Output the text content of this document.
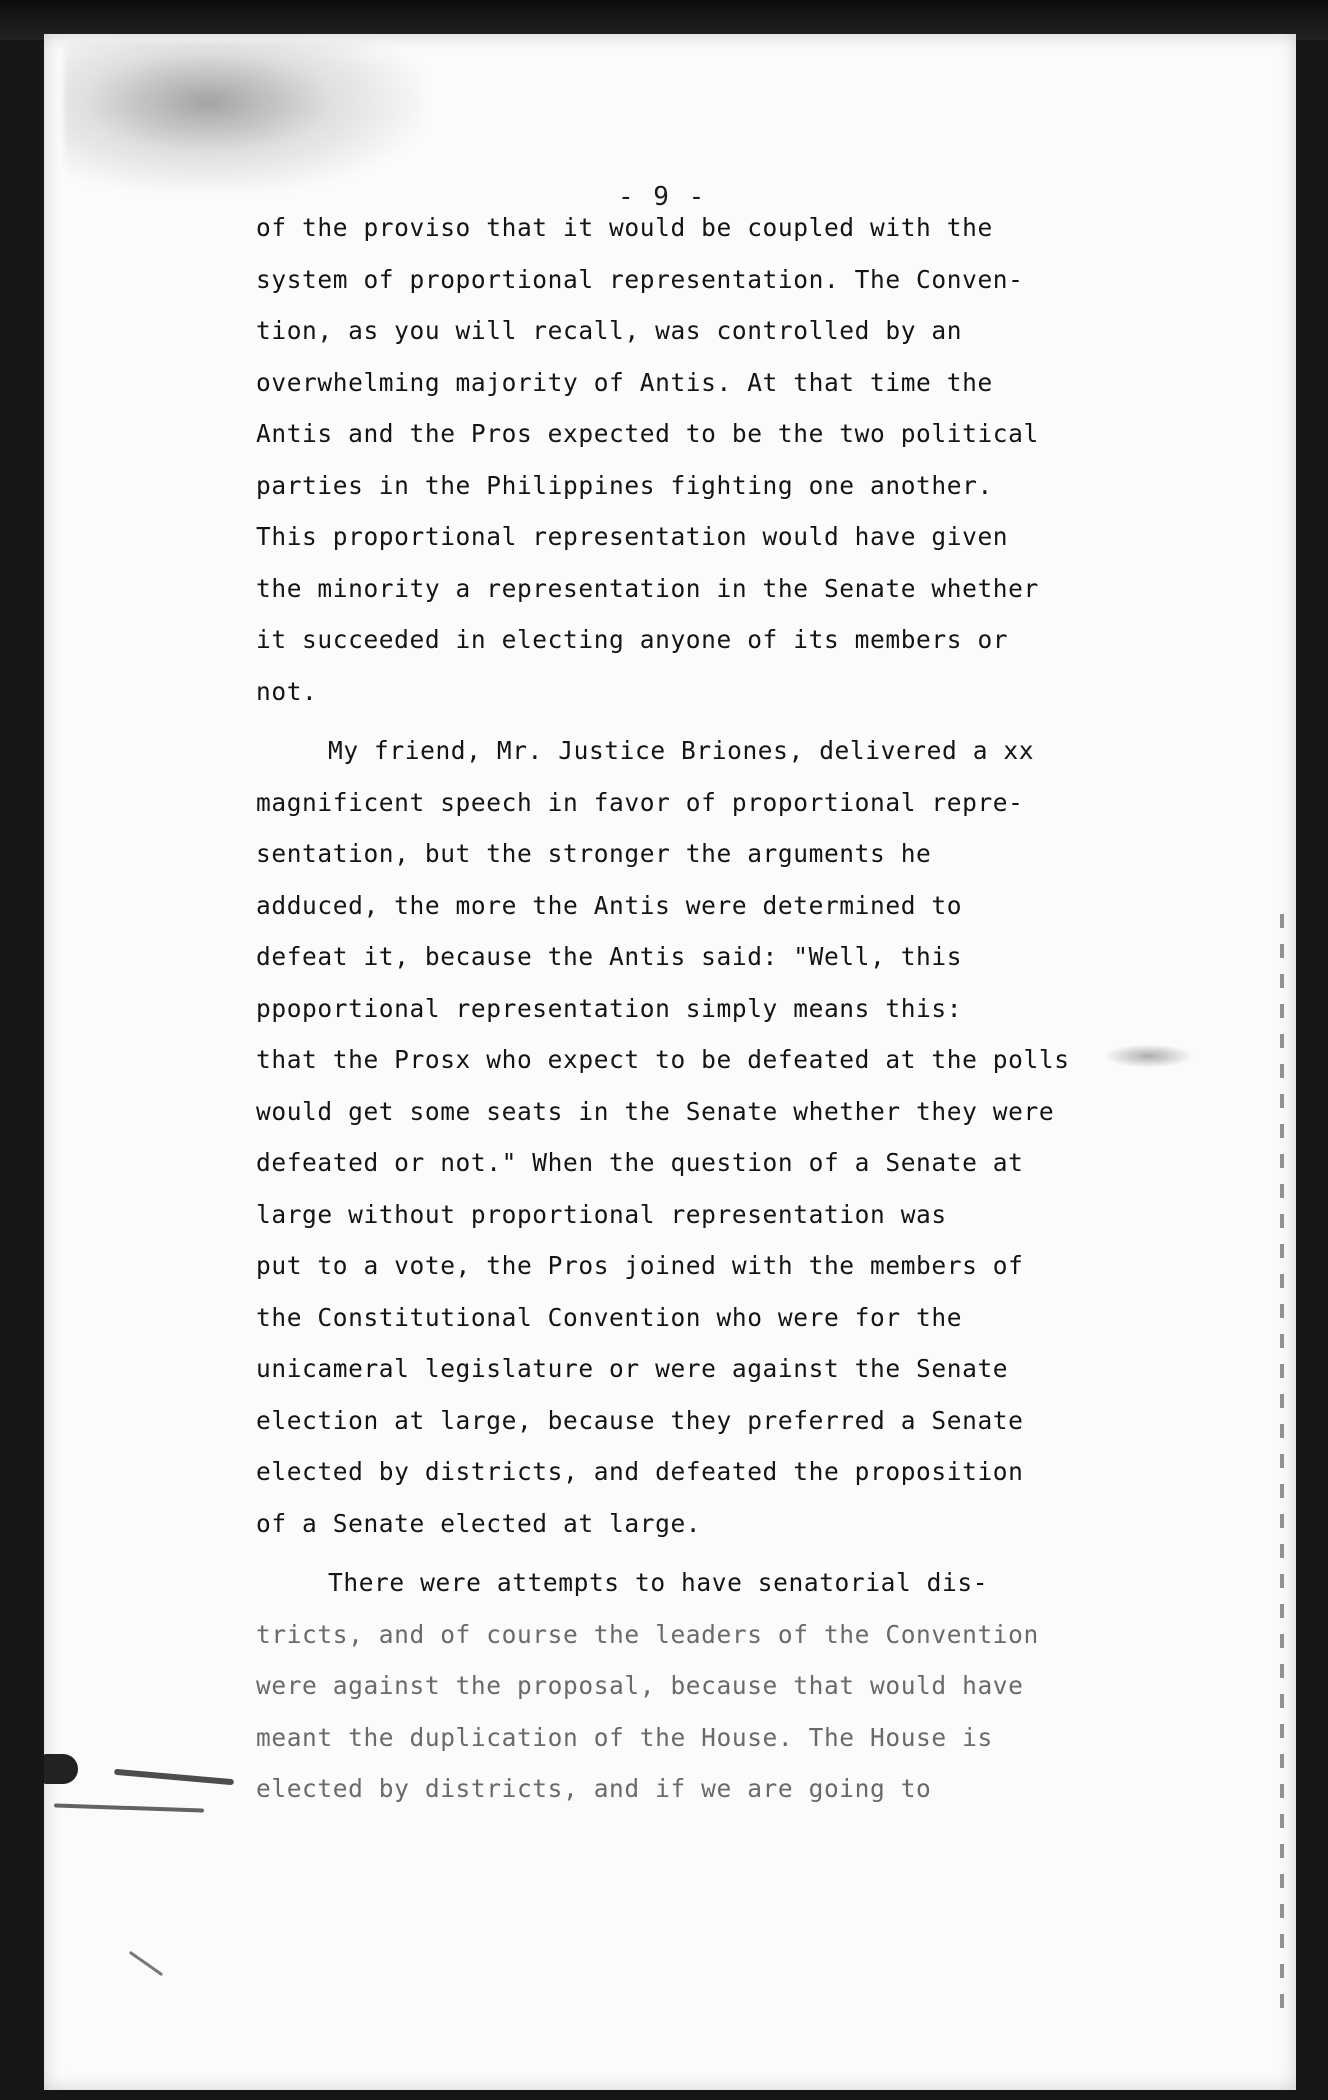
- 9 -
of the proviso that it would be coupled with the
system of proportional representation. The Conven-
tion, as you will recall, was controlled by an
overwhelming majority of Antis. At that time the
Antis and the Pros expected to be the two political
parties in the Philippines fighting one another.
This proportional representation would have given
the minority a representation in the Senate whether
it succeeded in electing anyone of its members or
not.
My friend, Mr. Justice Briones, delivered a xx
magnificent speech in favor of proportional repre-
sentation, but the stronger the arguments he
adduced, the more the Antis were determined to
defeat it, because the Antis said: "Well, this
ppoportional representation simply means this:
that the Prosx who expect to be defeated at the polls
would get some seats in the Senate whether they were
defeated or not." When the question of a Senate at
large without proportional representation was
put to a vote, the Pros joined with the members of
the Constitutional Convention who were for the
unicameral legislature or were against the Senate
election at large, because they preferred a Senate
elected by districts, and defeated the proposition
of a Senate elected at large.
There were attempts to have senatorial dis-
tricts, and of course the leaders of the Convention
were against the proposal, because that would have
meant the duplication of the House. The House is
elected by districts, and if we are going to
